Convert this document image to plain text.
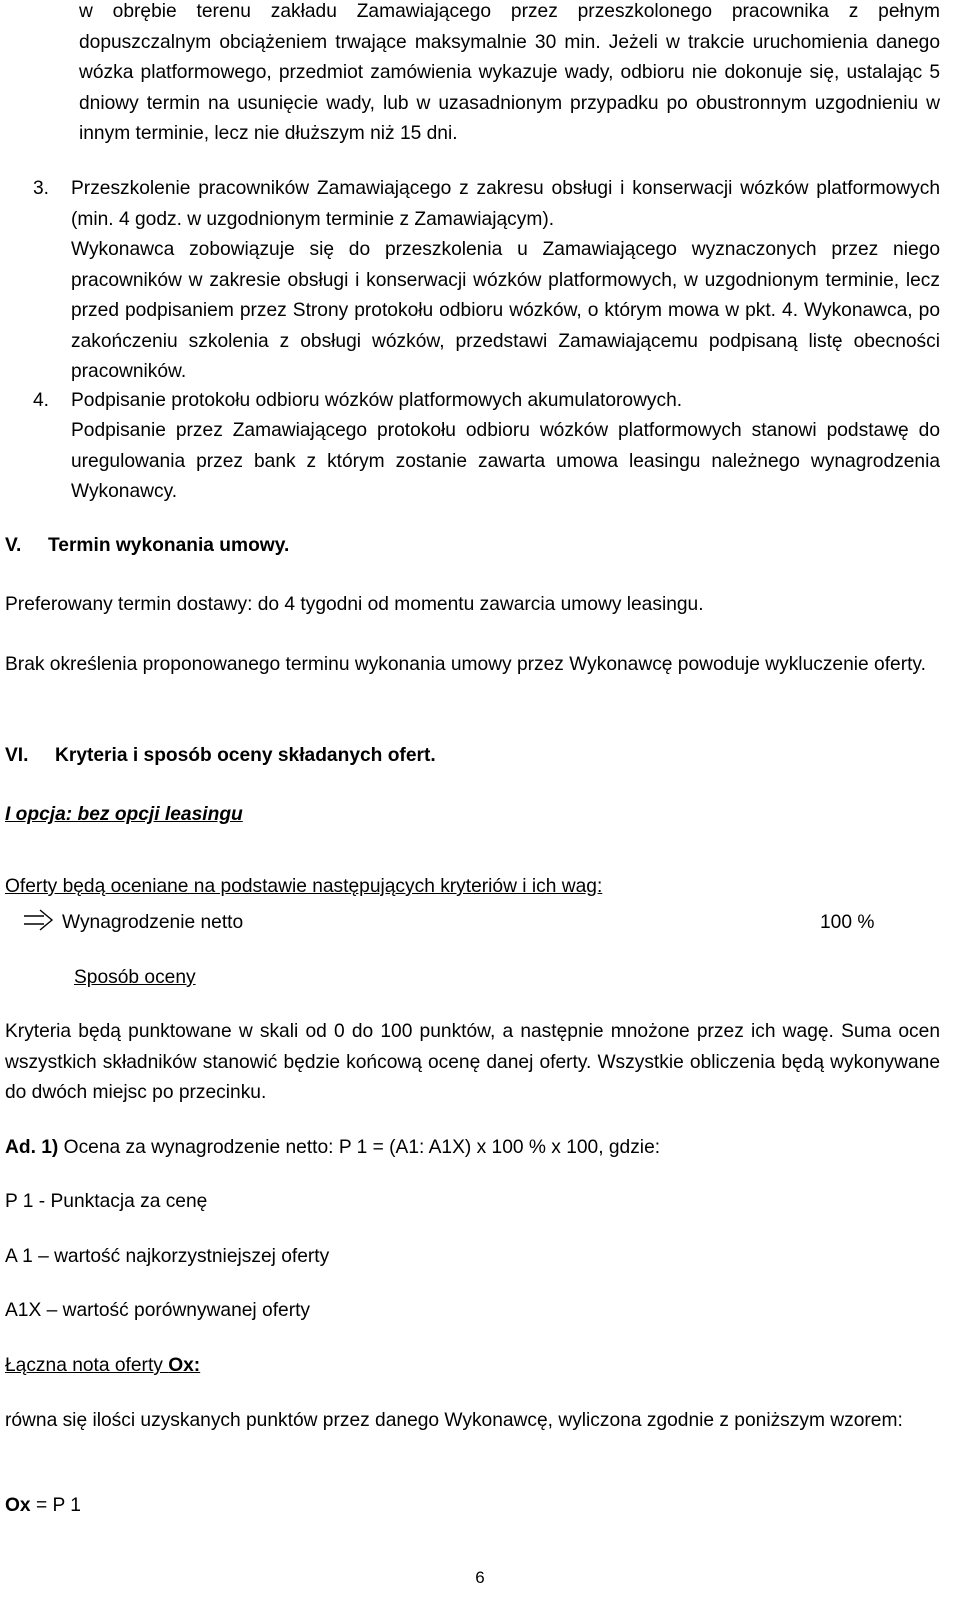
w obrębie terenu zakładu Zamawiającego przez przeszkolonego pracownika z pełnym dopuszczalnym obciążeniem trwające maksymalnie 30 min. Jeżeli w trakcie uruchomienia danego wózka platformowego, przedmiot zamówienia wykazuje wady, odbioru nie dokonuje się, ustalając 5 dniowy termin na usunięcie wady, lub w uzasadnionym przypadku po obustronnym uzgodnieniu w innym terminie, lecz nie dłuższym niż 15 dni.

3. Przeszkolenie pracowników Zamawiającego z zakresu obsługi i konserwacji wózków platformowych (min. 4 godz. w uzgodnionym terminie z Zamawiającym).

Wykonawca zobowiązuje się do przeszkolenia u Zamawiającego wyznaczonych przez niego pracowników w zakresie obsługi i konserwacji wózków platformowych, w uzgodnionym terminie, lecz przed podpisaniem przez Strony protokołu odbioru wózków, o którym mowa w pkt. 4. Wykonawca, po zakończeniu szkolenia z obsługi wózków, przedstawi Zamawiającemu podpisaną listę obecności pracowników.

4. Podpisanie protokołu odbioru wózków platformowych akumulatorowych.

Podpisanie przez Zamawiającego protokołu odbioru wózków platformowych stanowi podstawę do uregulowania przez bank z którym zostanie zawarta umowa leasingu należnego wynagrodzenia Wykonawcy.

V. Termin wykonania umowy.

Preferowany termin dostawy: do 4 tygodni od momentu zawarcia umowy leasingu.

Brak określenia proponowanego terminu wykonania umowy przez Wykonawcę powoduje wykluczenie oferty.

VI. Kryteria i sposób oceny składanych ofert.
I opcja: bez opcji leasingu
Oferty będą oceniane na podstawie następujących kryteriów i ich wag:
Wynagrodzenie netto	100 %
Sposób oceny

Kryteria będą punktowane w skali od 0 do 100 punktów, a następnie mnożone przez ich wagę. Suma ocen wszystkich składników stanowić będzie końcową ocenę danej oferty. Wszystkie obliczenia będą wykonywane do dwóch miejsc po przecinku.

Ad. 1) Ocena za wynagrodzenie netto: P 1 = (A1: A1X) x 100 % x 100, gdzie:
P 1 - Punktacja za cenę
A 1 – wartość najkorzystniejszej oferty
A1X – wartość porównywanej oferty
Łączna nota oferty Ox:

równa się ilości uzyskanych punktów przez danego Wykonawcę, wyliczona zgodnie z poniższym wzorem:

Ox = P 1
6
